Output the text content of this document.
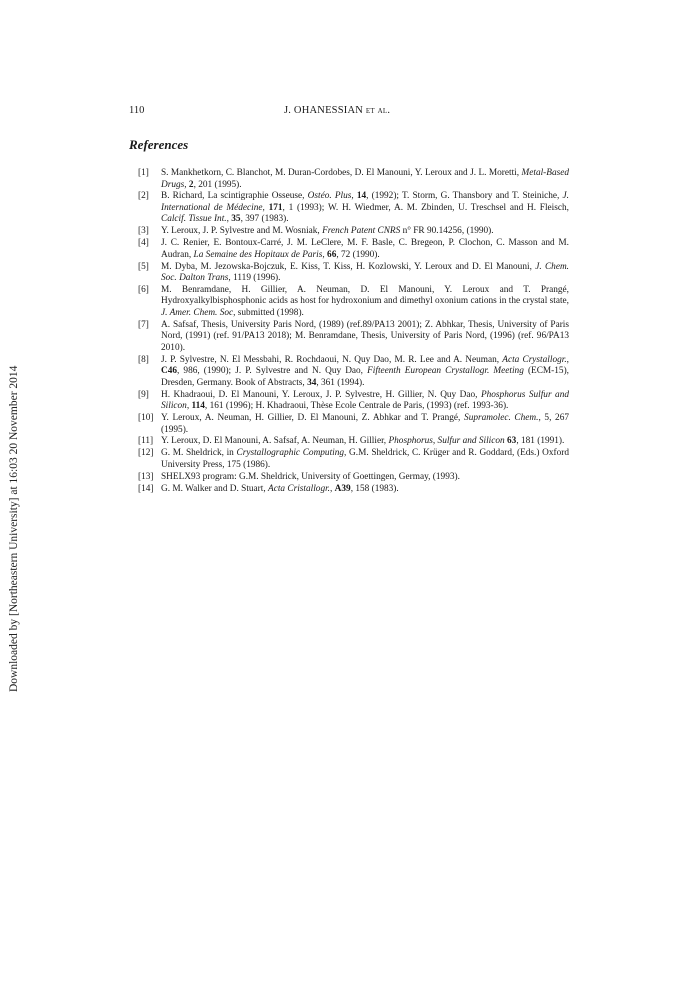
Downloaded by [Northeastern University] at 16:03 20 November 2014
110	J. OHANESSIAN et al.
References
[1] S. Mankhetkorn, C. Blanchot, M. Duran-Cordobes, D. El Manouni, Y. Leroux and J. L. Moretti, Metal-Based Drugs, 2, 201 (1995).
[2] B. Richard, La scintigraphie Osseuse, Ostéo. Plus, 14, (1992); T. Storm, G. Thansbory and T. Steiniche, J. International de Médecine, 171, 1 (1993); W. H. Wiedmer, A. M. Zbinden, U. Treschsel and H. Fleisch, Calcif. Tissue Int., 35, 397 (1983).
[3] Y. Leroux, J. P. Sylvestre and M. Wosniak, French Patent CNRS n° FR 90.14256, (1990).
[4] J. C. Renier, E. Bontoux-Carré, J. M. LeClere, M. F. Basle, C. Bregeon, P. Clochon, C. Masson and M. Audran, La Semaine des Hopitaux de Paris, 66, 72 (1990).
[5] M. Dyba, M. Jezowska-Bojczuk, E. Kiss, T. Kiss, H. Kozlowski, Y. Leroux and D. El Manouni, J. Chem. Soc. Dalton Trans, 1119 (1996).
[6] M. Benramdane, H. Gillier, A. Neuman, D. El Manouni, Y. Leroux and T. Prangé, Hydroxyalkylbisphosphonic acids as host for hydroxonium and dimethyl oxonium cations in the crystal state, J. Amer. Chem. Soc, submitted (1998).
[7] A. Safsaf, Thesis, University Paris Nord, (1989) (ref.89/PA13 2001); Z. Abhkar, Thesis, University of Paris Nord, (1991) (ref. 91/PA13 2018); M. Benramdane, Thesis, University of Paris Nord, (1996) (ref. 96/PA13 2010).
[8] J. P. Sylvestre, N. El Messbahi, R. Rochdaoui, N. Quy Dao, M. R. Lee and A. Neuman, Acta Crystallogr., C46, 986, (1990); J. P. Sylvestre and N. Quy Dao, Fifteenth European Crystallogr. Meeting (ECM-15), Dresden, Germany. Book of Abstracts, 34, 361 (1994).
[9] H. Khadraoui, D. El Manouni, Y. Leroux, J. P. Sylvestre, H. Gillier, N. Quy Dao, Phosphorus Sulfur and Silicon, 114, 161 (1996); H. Khadraoui, Thèse Ecole Centrale de Paris, (1993) (ref. 1993-36).
[10] Y. Leroux, A. Neuman, H. Gillier, D. El Manouni, Z. Abhkar and T. Prangé, Supramolec. Chem., 5, 267 (1995).
[11] Y. Leroux, D. El Manouni, A. Safsaf, A. Neuman, H. Gillier, Phosphorus, Sulfur and Silicon 63, 181 (1991).
[12] G. M. Sheldrick, in Crystallographic Computing, G.M. Sheldrick, C. Krüger and R. Goddard, (Eds.) Oxford University Press, 175 (1986).
[13] SHELX93 program: G.M. Sheldrick, University of Goettingen, Germay, (1993).
[14] G. M. Walker and D. Stuart, Acta Cristallogr., A39, 158 (1983).
